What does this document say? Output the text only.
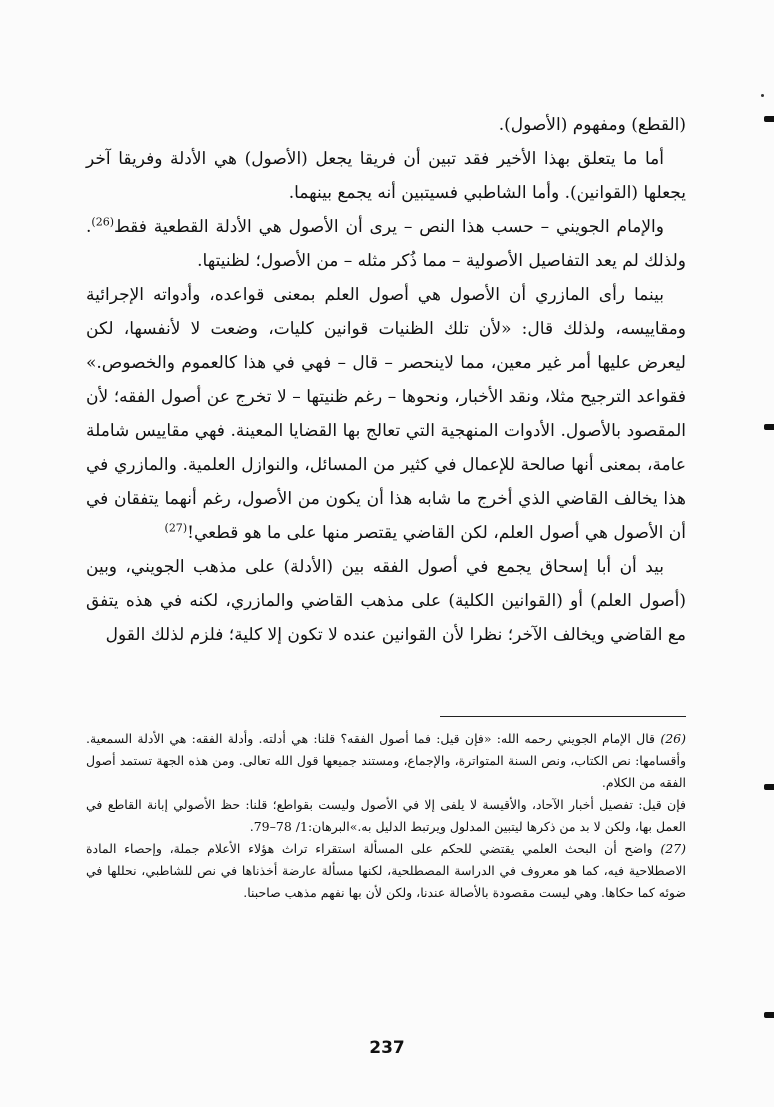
(القطع) ومفهوم (الأصول).

أما ما يتعلق بهذا الأخير فقد تبين أن فريقا يجعل (الأصول) هي الأدلة وفريقا آخر يجعلها (القوانين). وأما الشاطبي فسيتبين أنه يجمع بينهما.

والإمام الجويني – حسب هذا النص – يرى أن الأصول هي الأدلة القطعية فقط$^{(26)}$. ولذلك لم يعد التفاصيل الأصولية – مما ذُكر مثله – من الأصول؛ لظنيتها.

بينما رأى المازري أن الأصول هي أصول العلم بمعنى قواعده، وأدواته الإجرائية ومقاييسه، ولذلك قال: «لأن تلك الظنيات قوانين كليات، وضعت لا لأنفسها، لكن ليعرض عليها أمر غير معين، مما لاينحصر – قال – فهي في هذا كالعموم والخصوص.» فقواعد الترجيح مثلا، ونقد الأخبار، ونحوها – رغم ظنيتها – لا تخرج عن أصول الفقه؛ لأن المقصود بالأصول. الأدوات المنهجية التي تعالج بها القضايا المعينة. فهي مقاييس شاملة عامة، بمعنى أنها صالحة للإعمال في كثير من المسائل، والنوازل العلمية. والمازري في هذا يخالف القاضي الذي أخرج ما شابه هذا أن يكون من الأصول، رغم أنهما يتفقان في أن الأصول هي أصول العلم، لكن القاضي يقتصر منها على ما هو قطعي!$^{(27)}$

بيد أن أبا إسحاق يجمع في أصول الفقه بين (الأدلة) على مذهب الجويني، وبين (أصول العلم) أو (القوانين الكلية) على مذهب القاضي والمازري، لكنه في هذه يتفق مع القاضي ويخالف الآخر؛ نظرا لأن القوانين عنده لا تكون إلا كلية؛ فلزم لذلك القول

(26) قال الإمام الجويني رحمه الله: «فإن قيل: فما أصول الفقه؟ قلنا: هي أدلته. وأدلة الفقه: هي الأدلة السمعية. وأقسامها: نص الكتاب، ونص السنة المتواترة، والإجماع، ومستند جميعها قول الله تعالى. ومن هذه الجهة تستمد أصول الفقه من الكلام.

فإن قيل: تفصيل أخبار الآحاد، والأقيسة لا يلفى إلا في الأصول وليست بقواطع؛ قلنا: حظ الأصولي إبانة القاطع في العمل بها، ولكن لا بد من ذكرها ليتبين المدلول ويرتبط الدليل به.»البرهان:1/ 78–79.

(27) واضح أن البحث العلمي يقتضي للحكم على المسألة استقراء تراث هؤلاء الأعلام جملة، وإحصاء المادة الاصطلاحية فيه، كما هو معروف في الدراسة المصطلحية، لكنها مسألة عارضة أخذناها في نص للشاطبي، نحللها في ضوئه كما حكاها. وهي ليست مقصودة بالأصالة عندنا، ولكن لأن بها نفهم مذهب صاحبنا.

237
